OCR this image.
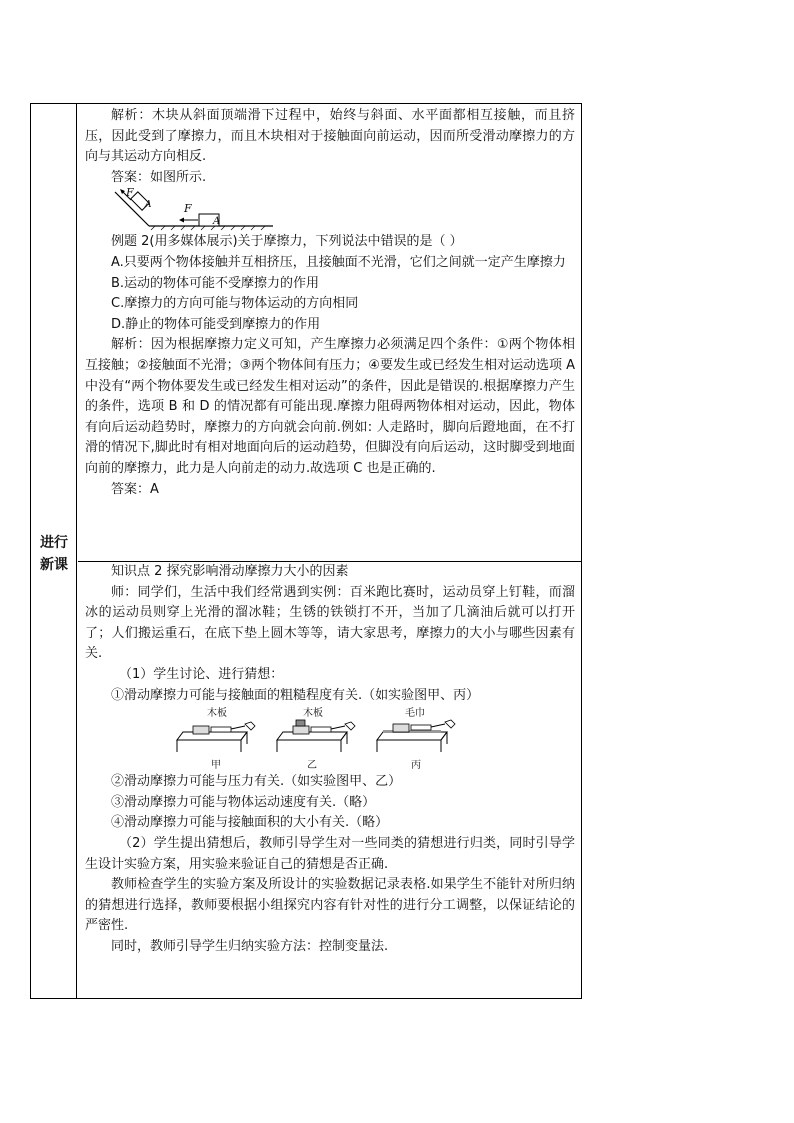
进行新课

解析：木块从斜面顶端滑下过程中，始终与斜面、水平面都相互接触，而且挤压，因此受到了摩擦力，而且木块相对于接触面向前运动，因而所受滑动摩擦力的方向与其运动方向相反.

答案：如图所示.

F
A	F
A

例题 2(用多媒体展示)关于摩擦力，下列说法中错误的是（ ）

A.只要两个物体接触并互相挤压，且接触面不光滑，它们之间就一定产生摩擦力

B.运动的物体可能不受摩擦力的作用

C.摩擦力的方向可能与物体运动的方向相同

D.静止的物体可能受到摩擦力的作用

解析：因为根据摩擦力定义可知，产生摩擦力必须满足四个条件：①两个物体相互接触；②接触面不光滑；③两个物体间有压力；④要发生或已经发生相对运动选项 A 中没有“两个物体要发生或已经发生相对运动”的条件，因此是错误的.根据摩擦力产生的条件，选项 B 和 D 的情况都有可能出现.摩擦力阻碍两物体相对运动，因此，物体有向后运动趋势时，摩擦力的方向就会向前.例如: 人走路时，脚向后蹬地面，在不打滑的情况下,脚此时有相对地面向后的运动趋势，但脚没有向后运动，这时脚受到地面向前的摩擦力，此力是人向前走的动力.故选项 C 也是正确的.

答案：A

知识点 2 探究影响滑动摩擦力大小的因素

师：同学们，生活中我们经常遇到实例：百米跑比赛时，运动员穿上钉鞋，而溜冰的运动员则穿上光滑的溜冰鞋；生锈的铁锁打不开，当加了几滴油后就可以打开了；人们搬运重石，在底下垫上圆木等等，请大家思考，摩擦力的大小与哪些因素有关.

（1）学生讨论、进行猜想：

①滑动摩擦力可能与接触面的粗糙程度有关.（如实验图甲、丙）

木板
甲
木板
乙
毛巾
丙

②滑动摩擦力可能与压力有关.（如实验图甲、乙）

③滑动摩擦力可能与物体运动速度有关.（略）

④滑动摩擦力可能与接触面积的大小有关.（略）

（2）学生提出猜想后，教师引导学生对一些同类的猜想进行归类，同时引导学生设计实验方案，用实验来验证自己的猜想是否正确.

教师检查学生的实验方案及所设计的实验数据记录表格.如果学生不能针对所归纳的猜想进行选择，教师要根据小组探究内容有针对性的进行分工调整，以保证结论的严密性.

同时，教师引导学生归纳实验方法：控制变量法.
